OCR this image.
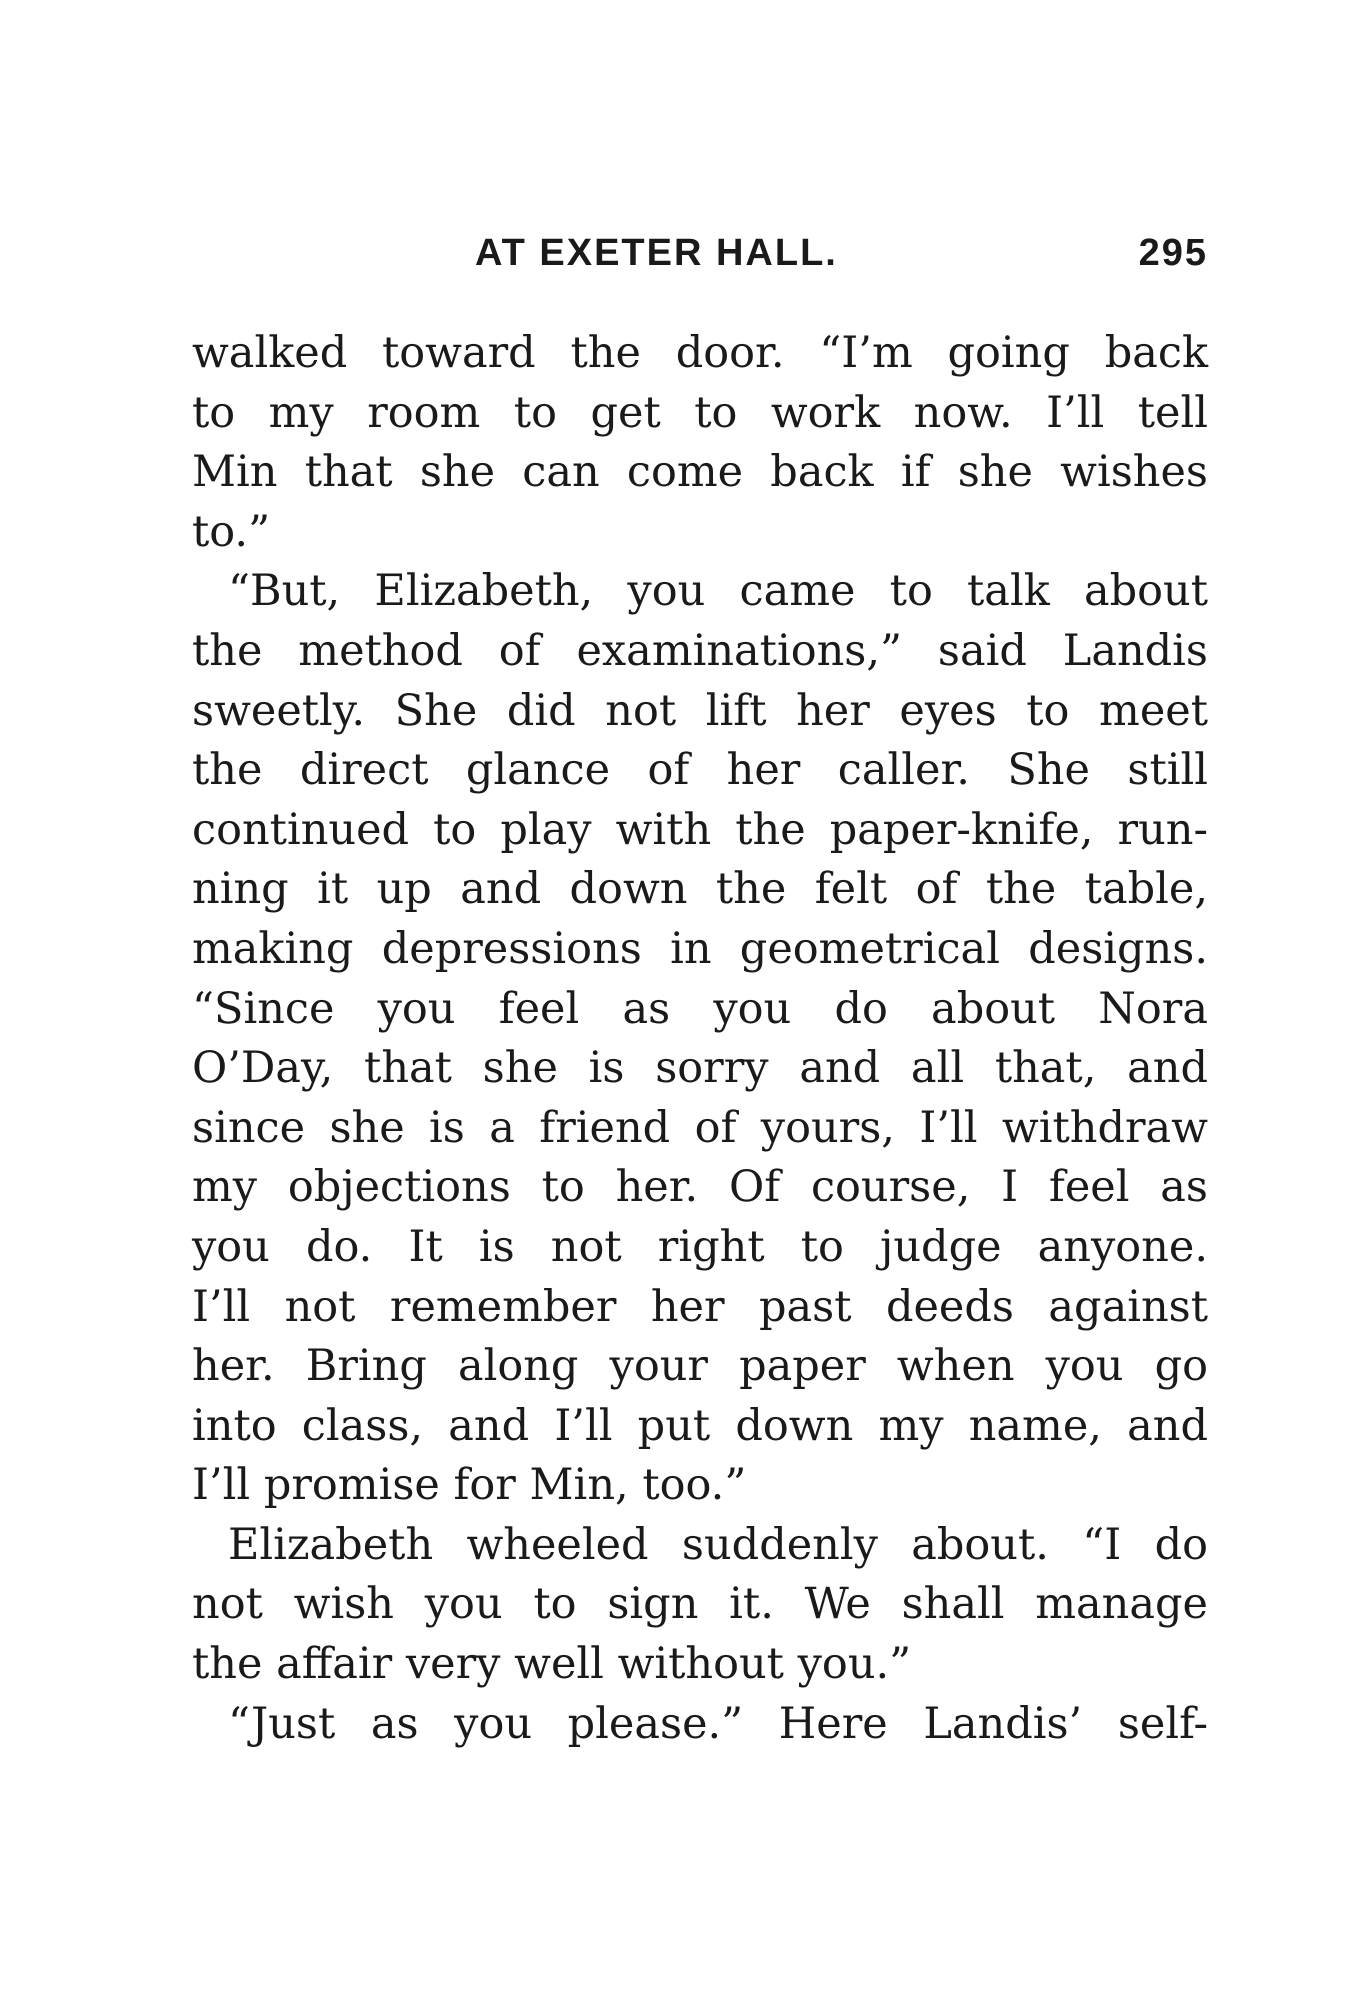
AT EXETER HALL.	295
walked toward the door. “I’m going back
to my room to get to work now. I’ll tell
Min that she can come back if she wishes
to.”
“But, Elizabeth, you came to talk about
the method of examinations,” said Landis
sweetly. She did not lift her eyes to meet
the direct glance of her caller. She still
continued to play with the paper-knife, run-
ning it up and down the felt of the table,
making depressions in geometrical designs.
“Since you feel as you do about Nora
O’Day, that she is sorry and all that, and
since she is a friend of yours, I’ll withdraw
my objections to her. Of course, I feel as
you do. It is not right to judge anyone.
I’ll not remember her past deeds against
her. Bring along your paper when you go
into class, and I’ll put down my name, and
I’ll promise for Min, too.”
Elizabeth wheeled suddenly about. “I do
not wish you to sign it. We shall manage
the affair very well without you.”
“Just as you please.” Here Landis’ self-
